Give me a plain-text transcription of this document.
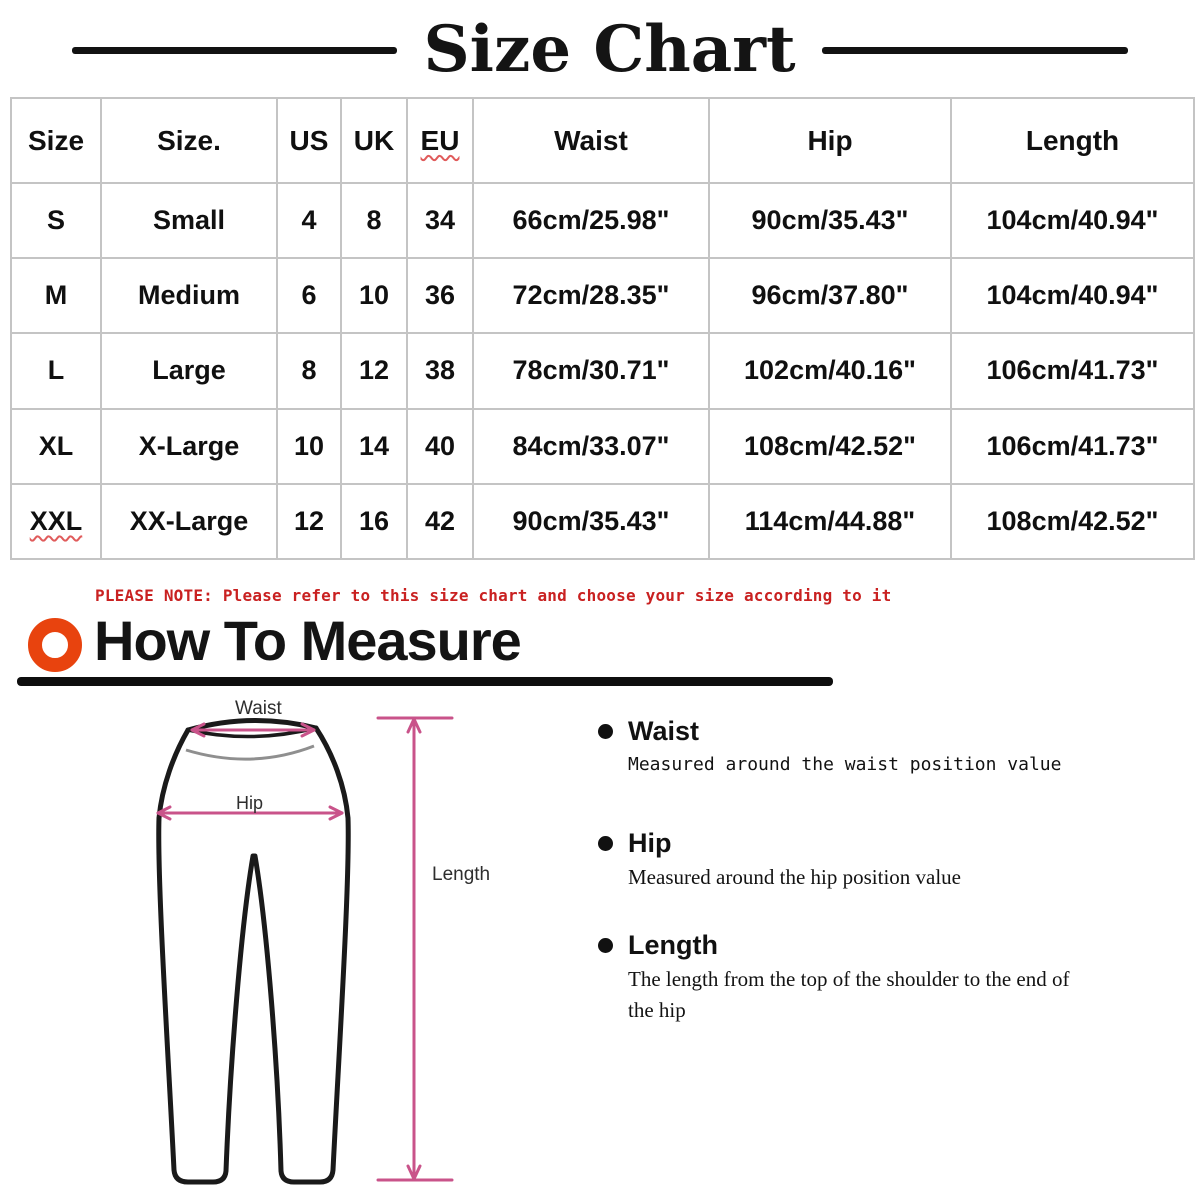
Size Chart
Size	Size.	US	UK	EU	Waist	Hip	Length
S	Small	4	8	34	66cm/25.98"	90cm/35.43"	104cm/40.94"
M	Medium	6	10	36	72cm/28.35"	96cm/37.80"	104cm/40.94"
L	Large	8	12	38	78cm/30.71"	102cm/40.16"	106cm/41.73"
XL	X-Large	10	14	40	84cm/33.07"	108cm/42.52"	106cm/41.73"
XXL	XX-Large	12	16	42	90cm/35.43"	114cm/44.88"	108cm/42.52"
PLEASE NOTE: Please refer to this size chart and choose your size according to it
How To Measure
Waist
Hip
Length
Waist
Measured around the waist position value
Hip
Measured around the hip position value
Length
The length from the top of the shoulder to the end of the hip
